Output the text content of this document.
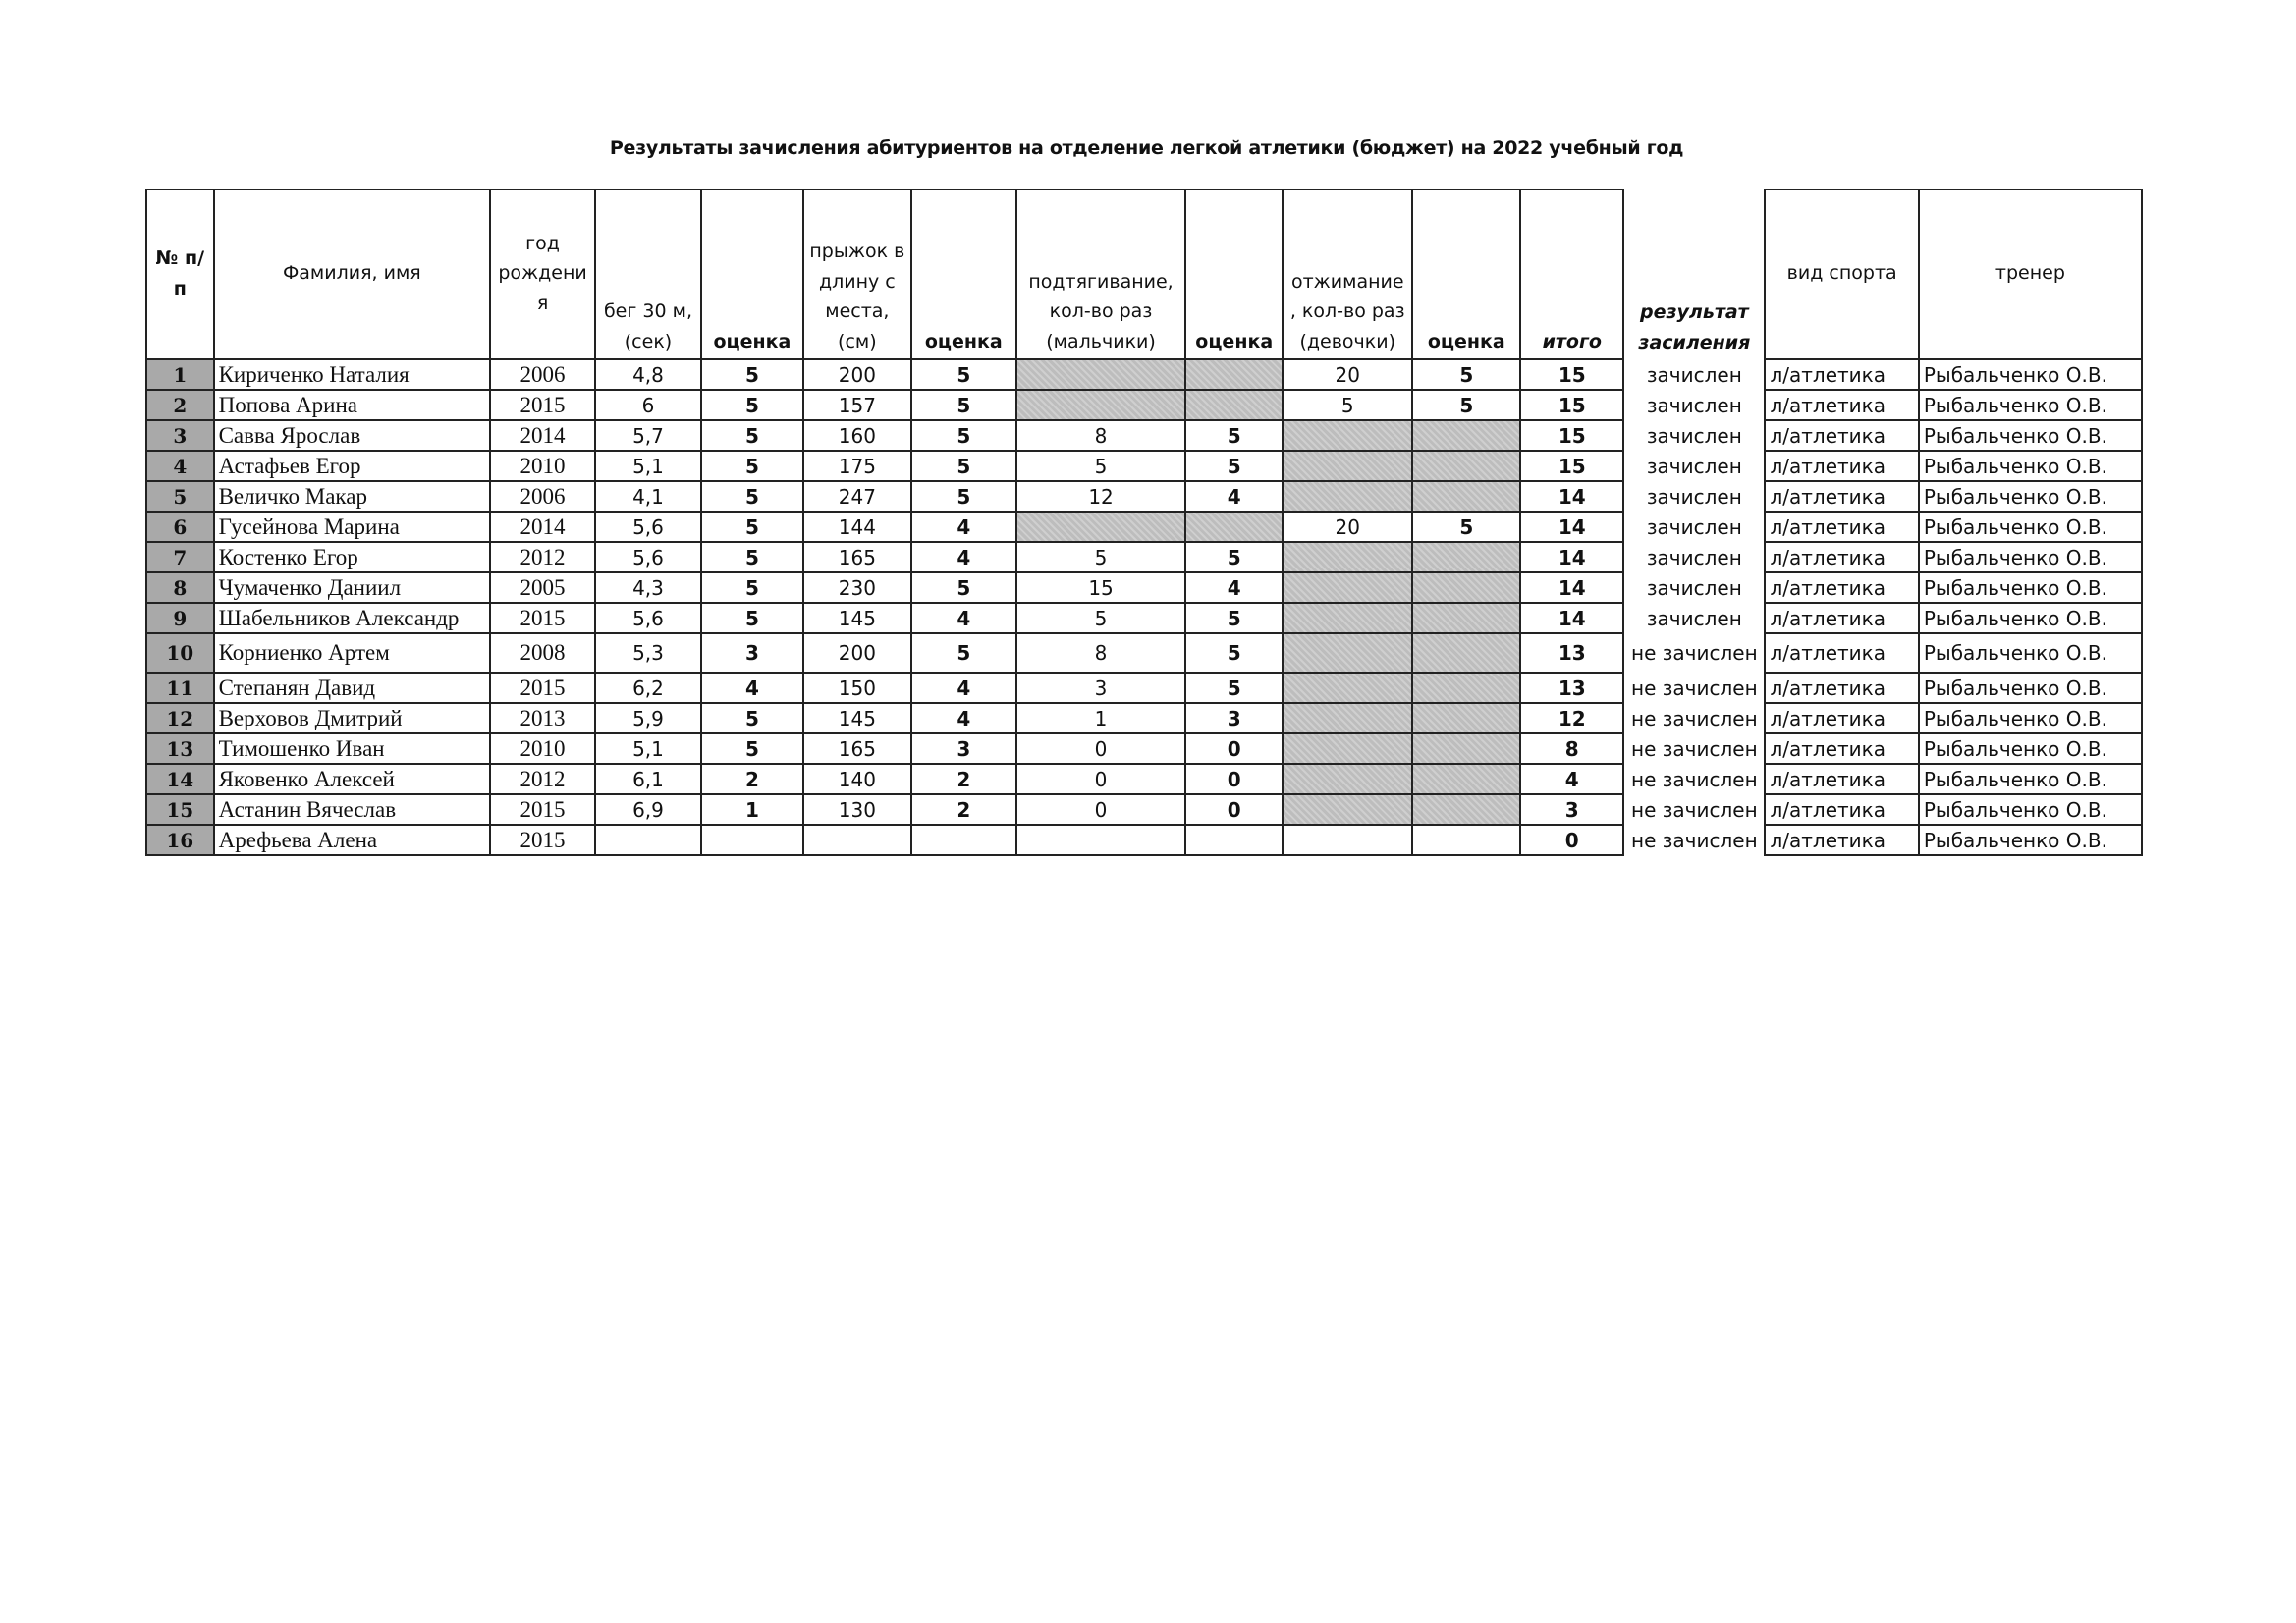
Результаты зачисления абитуриентов на отделение легкой атлетики (бюджет) на 2022 учебный год
№ п/п	Фамилия, имя	год рождени я	бег 30 м, (сек)	оценка	прыжок в длину с места, (см)	оценка	подтягивание, кол-во раз (мальчики)	оценка	отжимание , кол-во раз (девочки)	оценка	итого	результат засиления	вид спорта	тренер
1	Кириченко Наталия	2006	4,8	5	200	5			20	5	15	зачислен	л/атлетика	Рыбальченко О.В.
2	Попова Арина	2015	6	5	157	5			5	5	15	зачислен	л/атлетика	Рыбальченко О.В.
3	Савва Ярослав	2014	5,7	5	160	5	8	5			15	зачислен	л/атлетика	Рыбальченко О.В.
4	Астафьев Егор	2010	5,1	5	175	5	5	5			15	зачислен	л/атлетика	Рыбальченко О.В.
5	Величко Макар	2006	4,1	5	247	5	12	4			14	зачислен	л/атлетика	Рыбальченко О.В.
6	Гусейнова Марина	2014	5,6	5	144	4			20	5	14	зачислен	л/атлетика	Рыбальченко О.В.
7	Костенко Егор	2012	5,6	5	165	4	5	5			14	зачислен	л/атлетика	Рыбальченко О.В.
8	Чумаченко Даниил	2005	4,3	5	230	5	15	4			14	зачислен	л/атлетика	Рыбальченко О.В.
9	Шабельников Александр	2015	5,6	5	145	4	5	5			14	зачислен	л/атлетика	Рыбальченко О.В.
10	Корниенко Артем	2008	5,3	3	200	5	8	5			13	не зачислен	л/атлетика	Рыбальченко О.В.
11	Степанян Давид	2015	6,2	4	150	4	3	5			13	не зачислен	л/атлетика	Рыбальченко О.В.
12	Верховов Дмитрий	2013	5,9	5	145	4	1	3			12	не зачислен	л/атлетика	Рыбальченко О.В.
13	Тимошенко Иван	2010	5,1	5	165	3	0	0			8	не зачислен	л/атлетика	Рыбальченко О.В.
14	Яковенко Алексей	2012	6,1	2	140	2	0	0			4	не зачислен	л/атлетика	Рыбальченко О.В.
15	Астанин Вячеслав	2015	6,9	1	130	2	0	0			3	не зачислен	л/атлетика	Рыбальченко О.В.
16	Арефьева Алена	2015									0	не зачислен	л/атлетика	Рыбальченко О.В.
